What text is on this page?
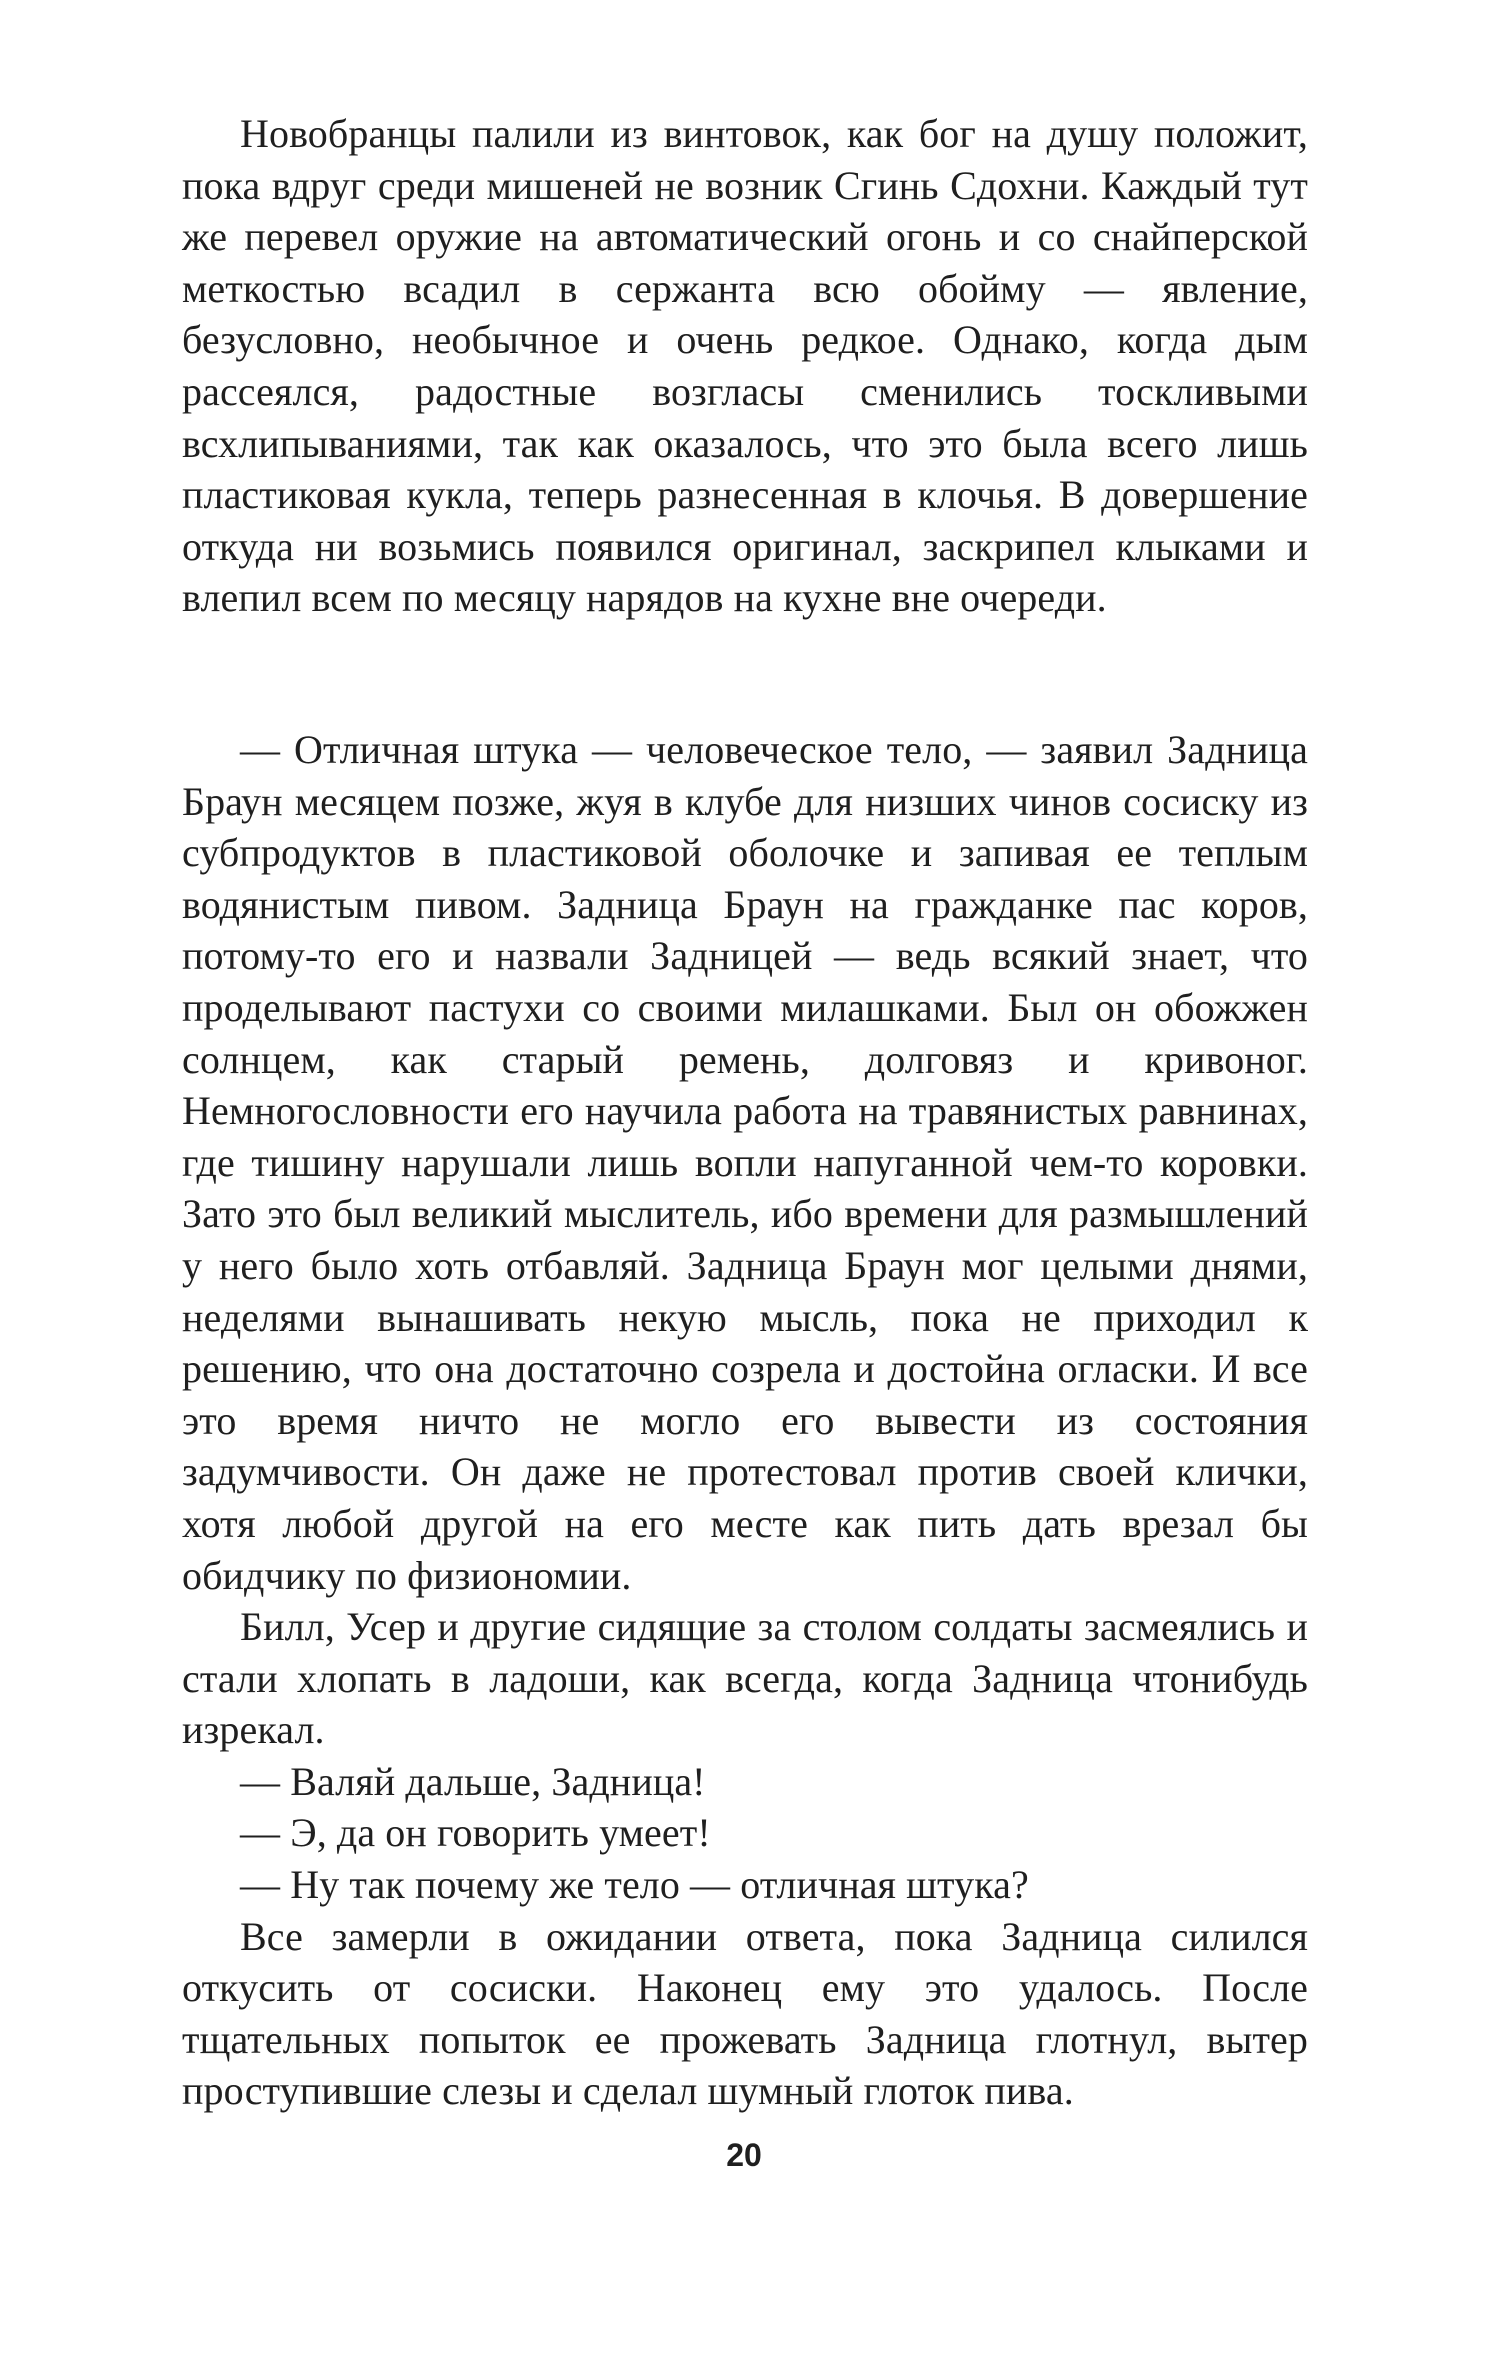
Новобранцы палили из винтовок, как бог на душу положит, пока вдруг среди мишеней не возник Сгинь Сдохни. Каждый тут же перевел оружие на автоматический огонь и со снайперской меткостью всадил в сержанта всю обойму — явление, безусловно, необычное и очень редкое. Однако, когда дым рассеялся, радостные возгласы сменились тоскливыми всхлипываниями, так как оказалось, что это была всего лишь пластиковая кукла, теперь разнесенная в клочья. В довершение откуда ни возьмись появился оригинал, заскрипел клыками и влепил всем по месяцу нарядов на кухне вне очереди.

— Отличная штука — человеческое тело, — заявил Задница Браун месяцем позже, жуя в клубе для низших чинов сосиску из субпродуктов в пластиковой оболочке и запивая ее теплым водянистым пивом. Задница Браун на гражданке пас коров, потому-то его и назвали Задницей — ведь всякий знает, что проделывают пастухи со своими милашками. Был он обожжен солнцем, как старый ремень, долговяз и кривоног. Немногословности его научила работа на травянистых равнинах, где тишину нарушали лишь вопли напуганной чем-то коровки. Зато это был великий мыслитель, ибо времени для размышлений у него было хоть отбавляй. Задница Браун мог целыми днями, неделями вынашивать некую мысль, пока не приходил к решению, что она достаточно созрела и достойна огласки. И все это время ничто не могло его вывести из состояния задумчивости. Он даже не протестовал против своей клички, хотя любой другой на его месте как пить дать врезал бы обидчику по физиономии.

Билл, Усер и другие сидящие за столом солдаты засмеялись и стали хлопать в ладоши, как всегда, когда Задница чтонибудь изрекал.

— Валяй дальше, Задница!

— Э, да он говорить умеет!

— Ну так почему же тело — отличная штука?

Все замерли в ожидании ответа, пока Задница силился откусить от сосиски. Наконец ему это удалось. После тщательных попыток ее прожевать Задница глотнул, вытер проступившие слезы и сделал шумный глоток пива.

20
